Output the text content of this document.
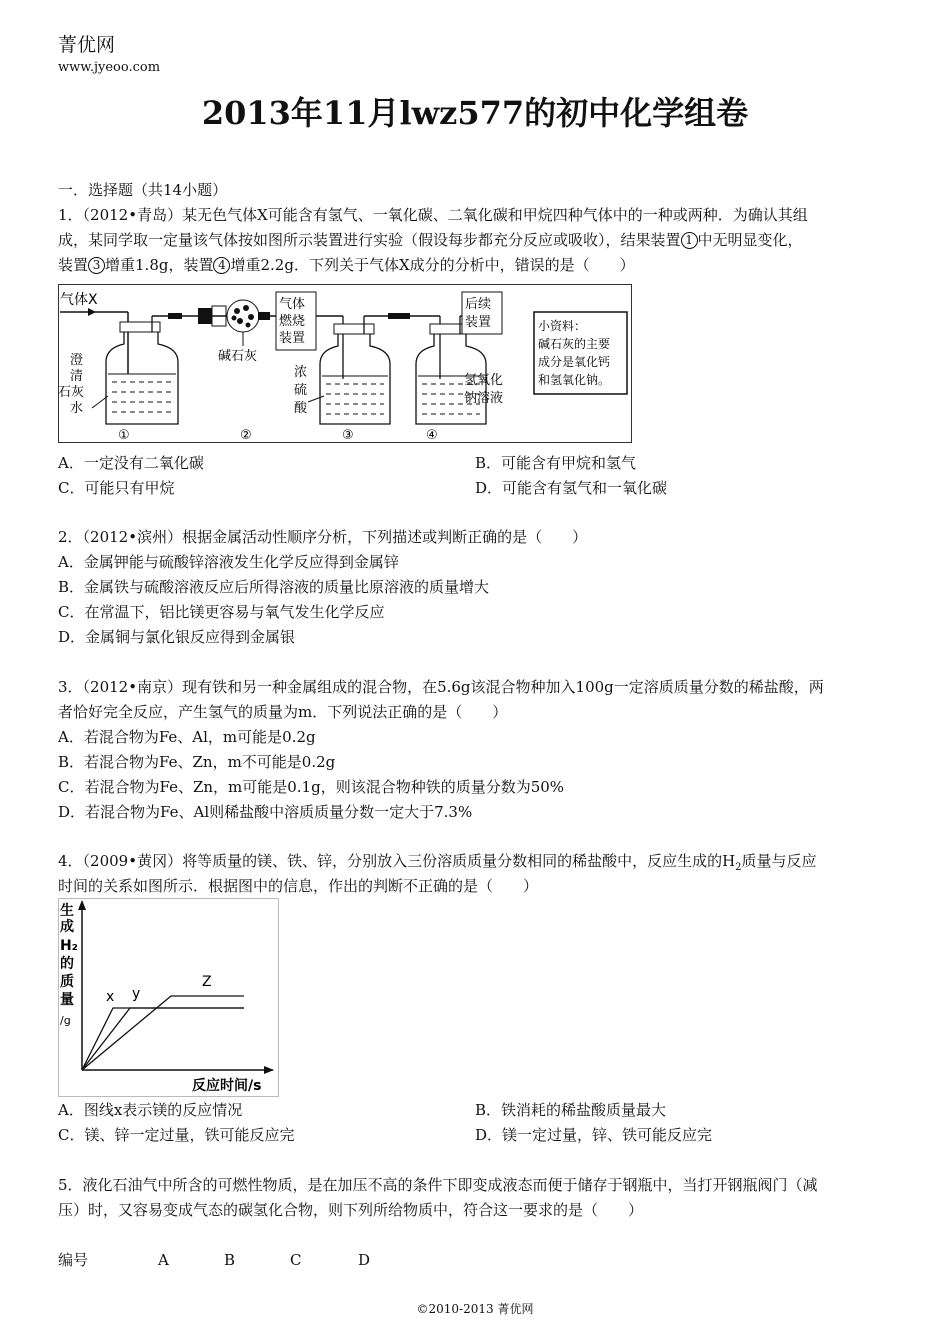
菁优网
www.jyeoo.com
2013年11月lwz577的初中化学组卷
一．选择题（共14小题）
1．（2012•青岛）某无色气体X可能含有氢气、一氧化碳、二氧化碳和甲烷四种气体中的一种或两种．为确认其组
成，某同学取一定量该气体按如图所示装置进行实验（假设每步都充分反应或吸收），结果装置 1 中无明显变化，
装置 3 增重1.8g，装置 4 增重2.2g．下列关于气体X成分的分析中，错误的是（　　）
气体X
澄
清
石灰
水
碱石灰
气体
燃烧
装置
浓
硫
酸
后续
装置
氢氧化
钠溶液
小资料：
碱石灰的主要
成分是氧化钙
和氢氧化钠。
①	②	③	④
A．一定没有二氧化碳	B．可能含有甲烷和氢气
C．可能只有甲烷	D．可能含有氢气和一氧化碳
2．（2012•滨州）根据金属活动性顺序分析，下列描述或判断正确的是（　　）
A．金属钾能与硫酸锌溶液发生化学反应得到金属锌
B．金属铁与硫酸溶液反应后所得溶液的质量比原溶液的质量增大
C．在常温下，铝比镁更容易与氧气发生化学反应
D．金属铜与氯化银反应得到金属银
3．（2012•南京）现有铁和另一种金属组成的混合物，在5.6g该混合物种加入100g一定溶质质量分数的稀盐酸，两
者恰好完全反应，产生氢气的质量为m．下列说法正确的是（　　）
A．若混合物为Fe、Al，m可能是0.2g
B．若混合物为Fe、Zn，m不可能是0.2g
C．若混合物为Fe、Zn，m可能是0.1g，则该混合物种铁的质量分数为50%
D．若混合物为Fe、Al则稀盐酸中溶质质量分数一定大于7.3%
4．（2009•黄冈）将等质量的镁、铁、锌，分别放入三份溶质质量分数相同的稀盐酸中，反应生成的$H_2$质量与反应
时间的关系如图所示．根据图中的信息，作出的判断不正确的是（　　）
生
成
H₂
的
质
量
/g
x y
Z
反应时间/s
A．图线x表示镁的反应情况	B．铁消耗的稀盐酸质量最大
C．镁、锌一定过量，铁可能反应完	D．镁一定过量，锌、铁可能反应完
5．液化石油气中所含的可燃性物质，是在加压不高的条件下即变成液态而便于储存于钢瓶中，当打开钢瓶阀门（减
压）时，又容易变成气态的碳氢化合物，则下列所给物质中，符合这一要求的是（　　）
编号	A	B	C	D
©2010-2013 菁优网
